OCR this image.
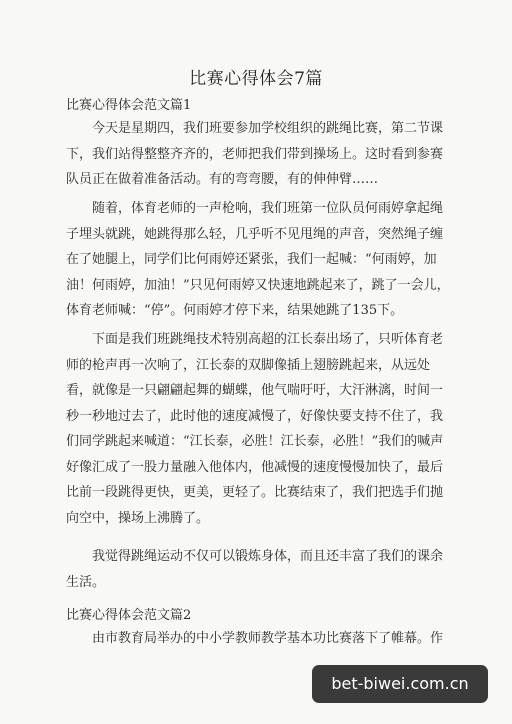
比赛心得体会7篇
比赛心得体会范文篇1
今天是星期四，我们班要参加学校组织的跳绳比赛，第二节课
下，我们站得整整齐齐的，老师把我们带到操场上。这时看到参赛
队员正在做着准备活动。有的弯弯腰，有的伸伸臂……
随着，体育老师的一声枪响，我们班第一位队员何雨婷拿起绳
子埋头就跳，她跳得那么轻，几乎听不见甩绳的声音，突然绳子缠
在了她腿上，同学们比何雨婷还紧张，我们一起喊：“何雨婷，加
油！何雨婷，加油！”只见何雨婷又快速地跳起来了，跳了一会儿，
体育老师喊：“停”。何雨婷才停下来，结果她跳了135下。
下面是我们班跳绳技术特别高超的江长泰出场了，只听体育老
师的枪声再一次响了，江长泰的双脚像插上翅膀跳起来，从远处
看，就像是一只翩翩起舞的蝴蝶，他气喘吁吁，大汗淋漓，时间一
秒一秒地过去了，此时他的速度减慢了，好像快要支持不住了，我
们同学跳起来喊道：“江长泰，必胜！江长泰，必胜！”我们的喊声
好像汇成了一股力量融入他体内，他减慢的速度慢慢加快了，最后
比前一段跳得更快，更美，更轻了。比赛结束了，我们把选手们抛
向空中，操场上沸腾了。
我觉得跳绳运动不仅可以锻炼身体，而且还丰富了我们的课余
生活。
比赛心得体会范文篇2
由市教育局举办的中小学教师教学基本功比赛落下了帷幕。作
bet-biwei.com.cn
